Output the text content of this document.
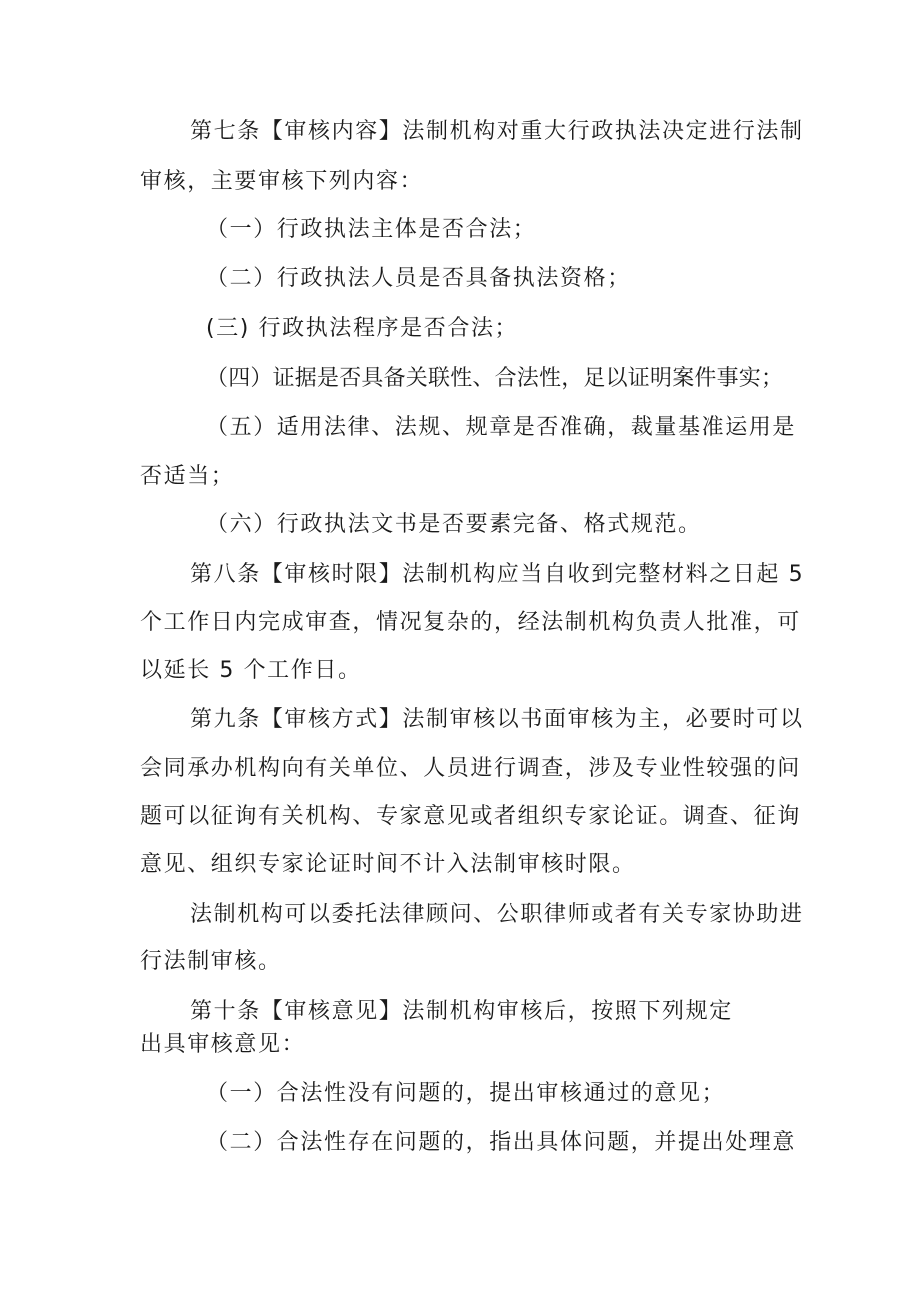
第七条【审核内容】法制机构对重大行政执法决定进行法制
审核，主要审核下列内容：
（一）行政执法主体是否合法；
（二）行政执法人员是否具备执法资格；
(三) 行政执法程序是否合法；
（四）证据是否具备关联性、合法性，足以证明案件事实；
（五）适用法律、法规、规章是否准确，裁量基准运用是
否适当；
（六）行政执法文书是否要素完备、格式规范。
第八条【审核时限】法制机构应当自收到完整材料之日起 5
个工作日内完成审查，情况复杂的，经法制机构负责人批准，可
以延长 5 个工作日。
第九条【审核方式】法制审核以书面审核为主，必要时可以
会同承办机构向有关单位、人员进行调查，涉及专业性较强的问
题可以征询有关机构、专家意见或者组织专家论证。调查、征询
意见、组织专家论证时间不计入法制审核时限。
法制机构可以委托法律顾问、公职律师或者有关专家协助进
行法制审核。
第十条【审核意见】法制机构审核后，按照下列规定
出具审核意见：
（一）合法性没有问题的，提出审核通过的意见；
（二）合法性存在问题的，指出具体问题，并提出处理意
